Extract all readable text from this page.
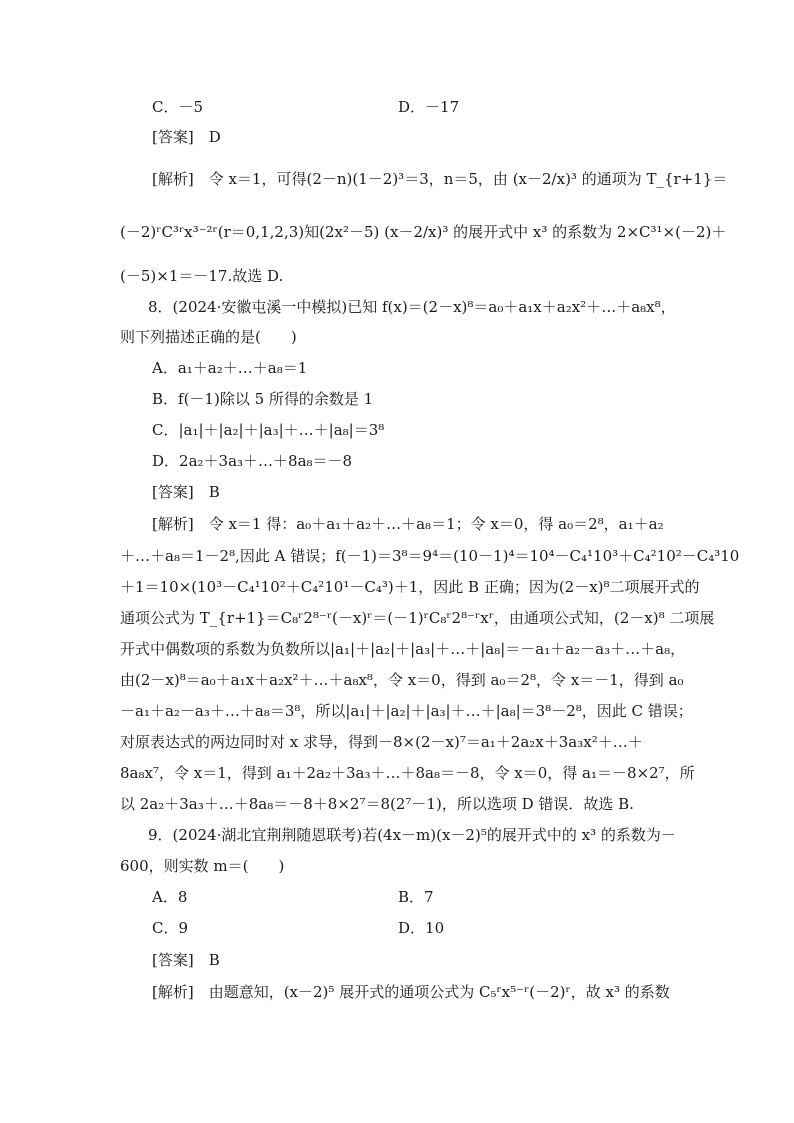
C．－5	D．－17
[答案]　D
[解析]　令 x＝1，可得(2－n)(1－2)³＝3，n＝5，由 (x－2/x)³ 的通项为 T_{r+1}＝
(－2)ʳC³ʳx³⁻²ʳ(r＝0,1,2,3)知(2x²－5) (x－2/x)³ 的展开式中 x³ 的系数为 2×C³¹×(－2)＋
(－5)×1＝－17.故选 D.
8．(2024·安徽屯溪一中模拟)已知 f(x)＝(2－x)⁸＝a₀＋a₁x＋a₂x²＋…＋a₈x⁸，
则下列描述正确的是(　　)
A．a₁＋a₂＋…＋a₈＝1
B．f(－1)除以 5 所得的余数是 1
C．|a₁|＋|a₂|＋|a₃|＋…＋|a₈|＝3⁸
D．2a₂＋3a₃＋…＋8a₈＝－8
[答案]　B
[解析]　令 x＝1 得：a₀＋a₁＋a₂＋…＋a₈＝1；令 x＝0，得 a₀＝2⁸，a₁＋a₂
＋…＋a₈＝1－2⁸,因此 A 错误；f(－1)＝3⁸＝9⁴＝(10－1)⁴＝10⁴－C₄¹10³＋C₄²10²－C₄³10
＋1＝10×(10³－C₄¹10²＋C₄²10¹－C₄³)＋1，因此 B 正确；因为(2－x)⁸二项展开式的
通项公式为 T_{r+1}＝C₈ʳ2⁸⁻ʳ(－x)ʳ＝(－1)ʳC₈ʳ2⁸⁻ʳxʳ，由通项公式知，(2－x)⁸ 二项展
开式中偶数项的系数为负数所以|a₁|＋|a₂|＋|a₃|＋…＋|a₈|＝－a₁＋a₂－a₃＋…＋a₈，
由(2－x)⁸＝a₀＋a₁x＋a₂x²＋…＋a₈x⁸，令 x＝0，得到 a₀＝2⁸，令 x＝－1，得到 a₀
－a₁＋a₂－a₃＋…＋a₈＝3⁸，所以|a₁|＋|a₂|＋|a₃|＋…＋|a₈|＝3⁸－2⁸，因此 C 错误；
对原表达式的两边同时对 x 求导，得到－8×(2－x)⁷＝a₁＋2a₂x＋3a₃x²＋…＋
8a₈x⁷，令 x＝1，得到 a₁＋2a₂＋3a₃＋…＋8a₈＝－8，令 x＝0，得 a₁＝－8×2⁷，所
以 2a₂＋3a₃＋…＋8a₈＝－8＋8×2⁷＝8(2⁷－1)，所以选项 D 错误．故选 B.
9．(2024·湖北宜荆荆随恩联考)若(4x－m)(x－2)⁵的展开式中的 x³ 的系数为－
600，则实数 m＝(　　)
A．8	B．7
C．9	D．10
[答案]　B
[解析]　由题意知，(x－2)⁵ 展开式的通项公式为 C₅ʳx⁵⁻ʳ(－2)ʳ，故 x³ 的系数
